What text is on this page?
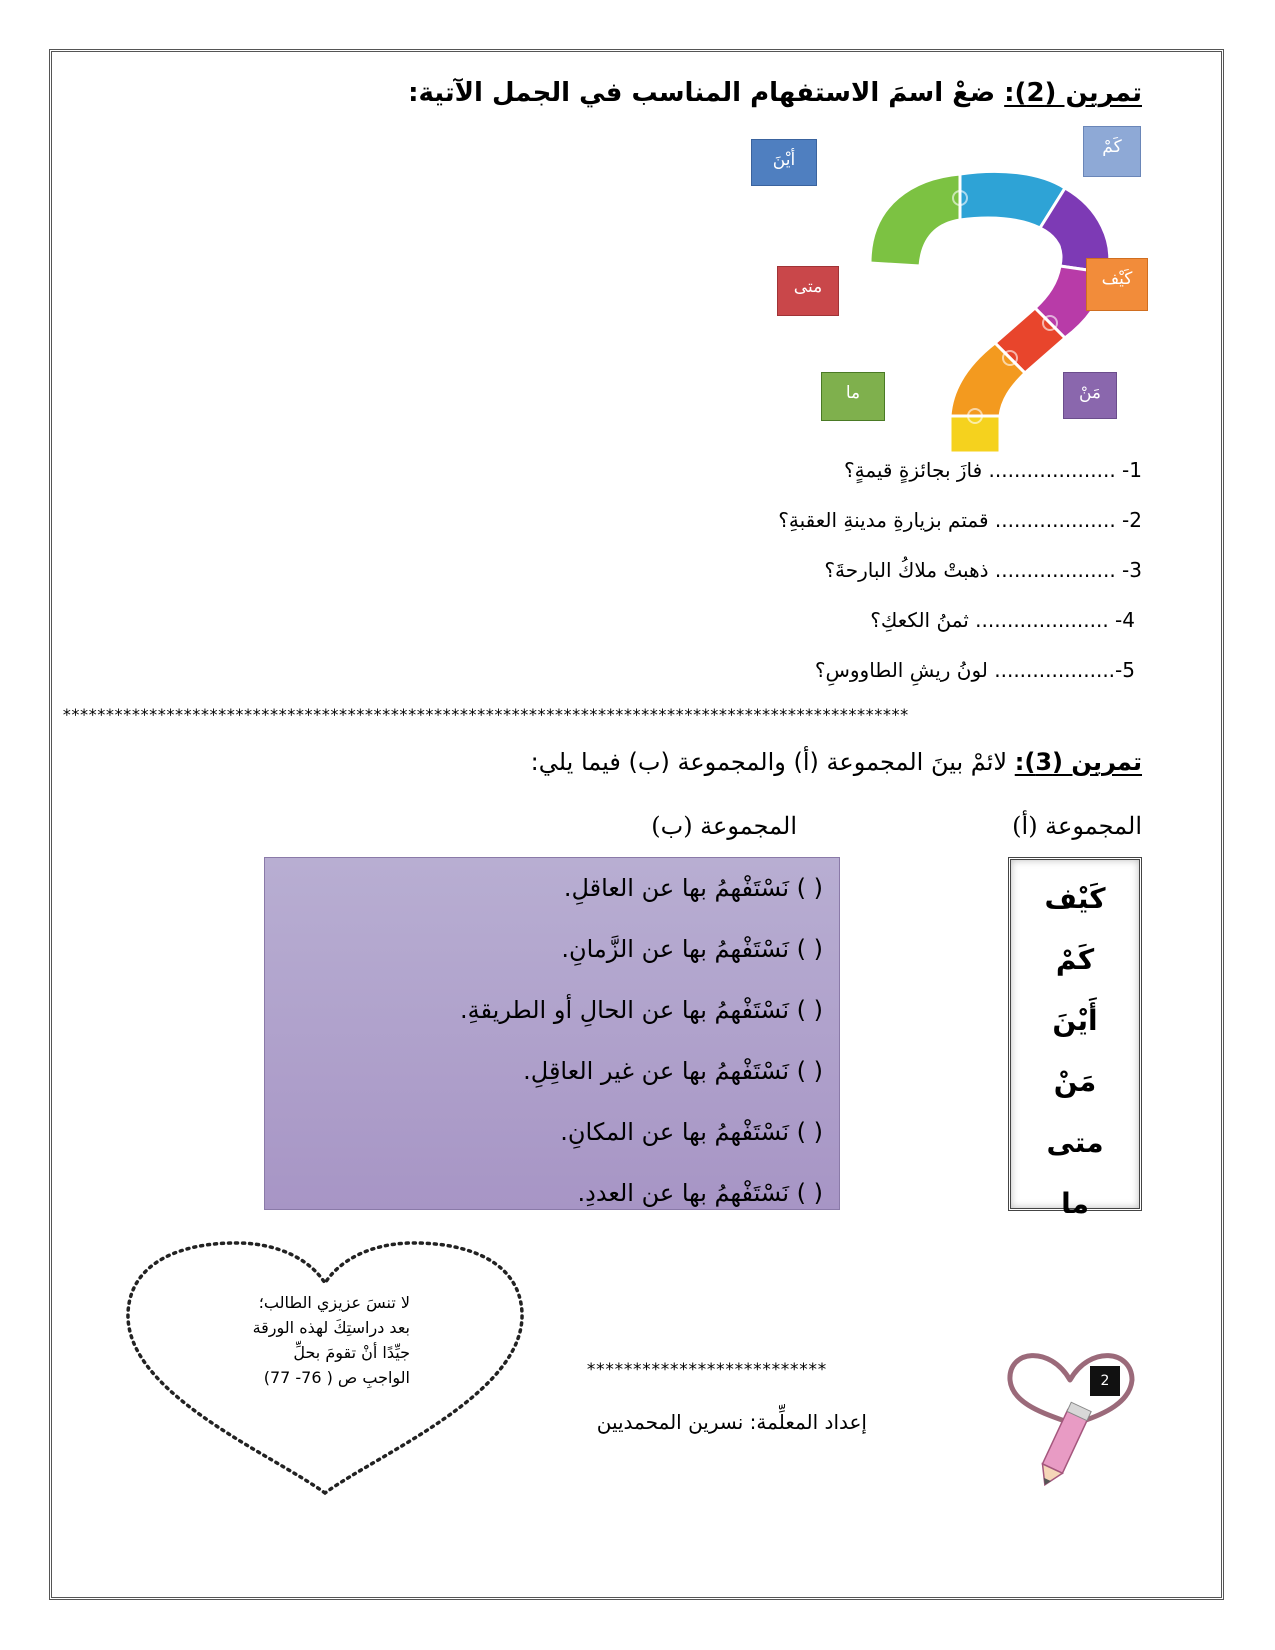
تمرين (2): ضعْ اسمَ الاستفهام المناسب في الجمل الآتية:
كَمْ
أيْنَ
كَيْف
متى
مَنْ
ما
1- .................... فازَ بجائزةٍ قيمةٍ؟
2- ................... قمتم بزيارةِ مدينةِ العقبةِ؟
3- ................... ذهبتْ ملاكُ البارحةَ؟
4- ..................... ثمنُ الكعكِ؟
5-................... لونُ ريشِ الطاووسِ؟
**************************************************************************************************
تمرين (3): لائمْ بينَ المجموعة (أ) والمجموعة (ب) فيما يلي:
المجموعة (أ)
المجموعة (ب)
كَيْف
كَمْ
أَيْنَ
مَنْ
متى
ما
( ) نَسْتَفْهمُ بها عن العاقلِ.
( ) نَسْتَفْهمُ بها عن الزَّمانِ.
( ) نَسْتَفْهمُ بها عن الحالِ أو الطريقةِ.
( ) نَسْتَفْهمُ بها عن غير العاقِلِ.
( ) نَسْتَفْهمُ بها عن المكانِ.
( ) نَسْتَفْهمُ بها عن العددِ.
لا تنسَ عزيزي الطالب؛
بعد دراستِكَ لهذه الورقة
جيِّدًا أنْ تقومَ بحلِّ
الواجبِ ص ( 76- 77)	**************************
إعداد المعلِّمة: نسرين المحمديين
2
